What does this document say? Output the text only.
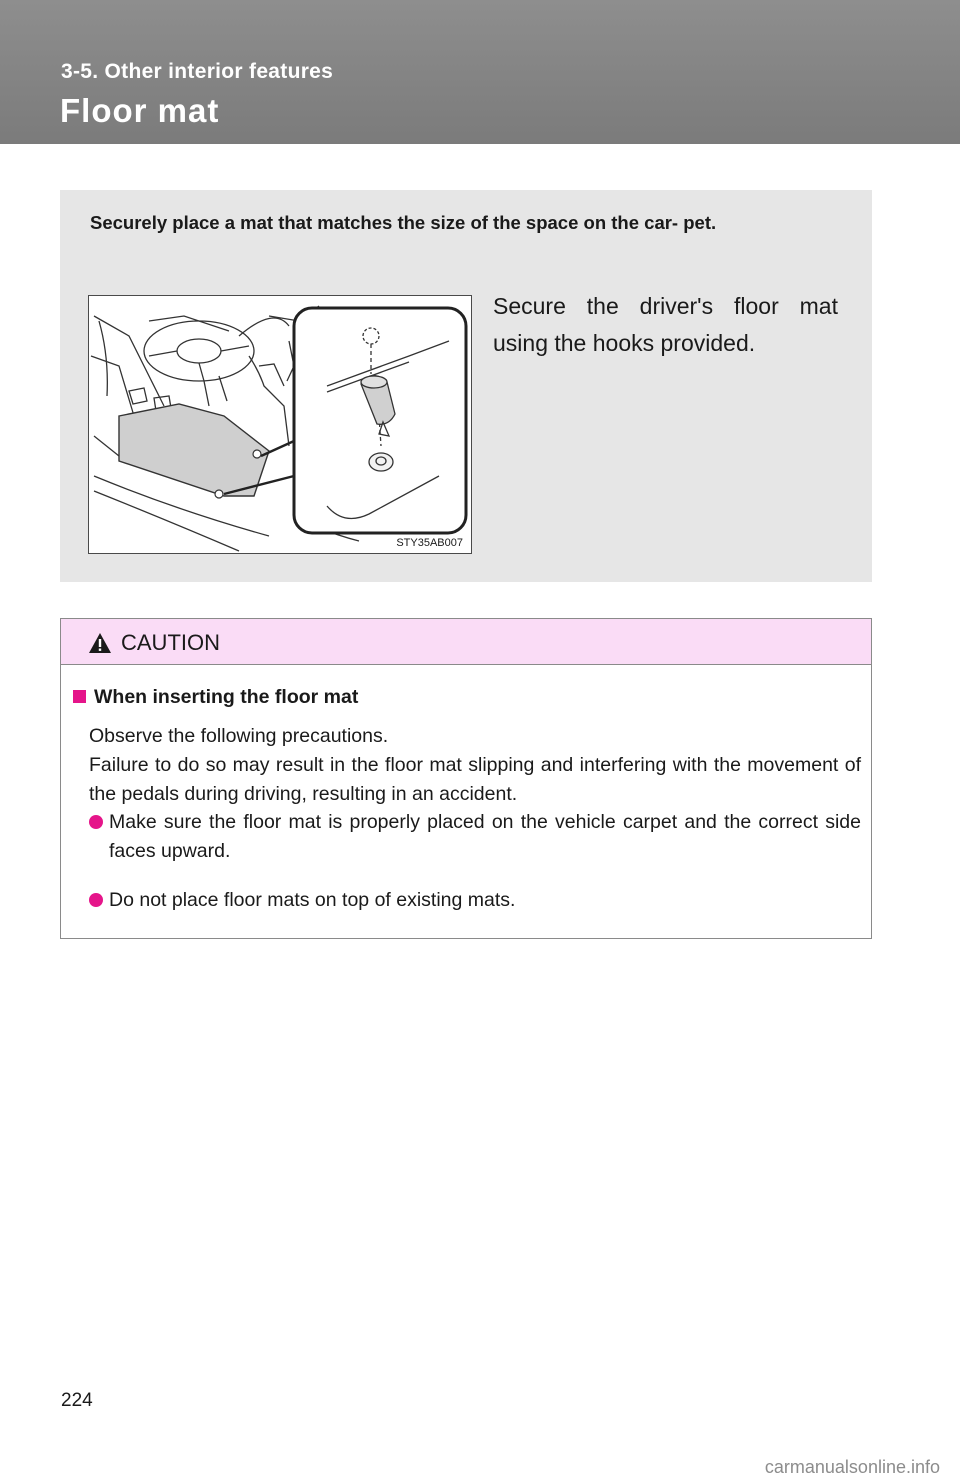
3-5. Other interior features
Floor mat
Securely place a mat that matches the size of the space on the car- pet.
STY35AB007
Secure the driver's floor mat using the hooks provided.
CAUTION
When inserting the floor mat
Observe the following precautions.
Failure to do so may result in the floor mat slipping and interfering with the movement of the pedals during driving, resulting in an accident.
Make sure the floor mat is properly placed on the vehicle carpet and the correct side faces upward.
Do not place floor mats on top of existing mats.
224
carmanualsonline.info
